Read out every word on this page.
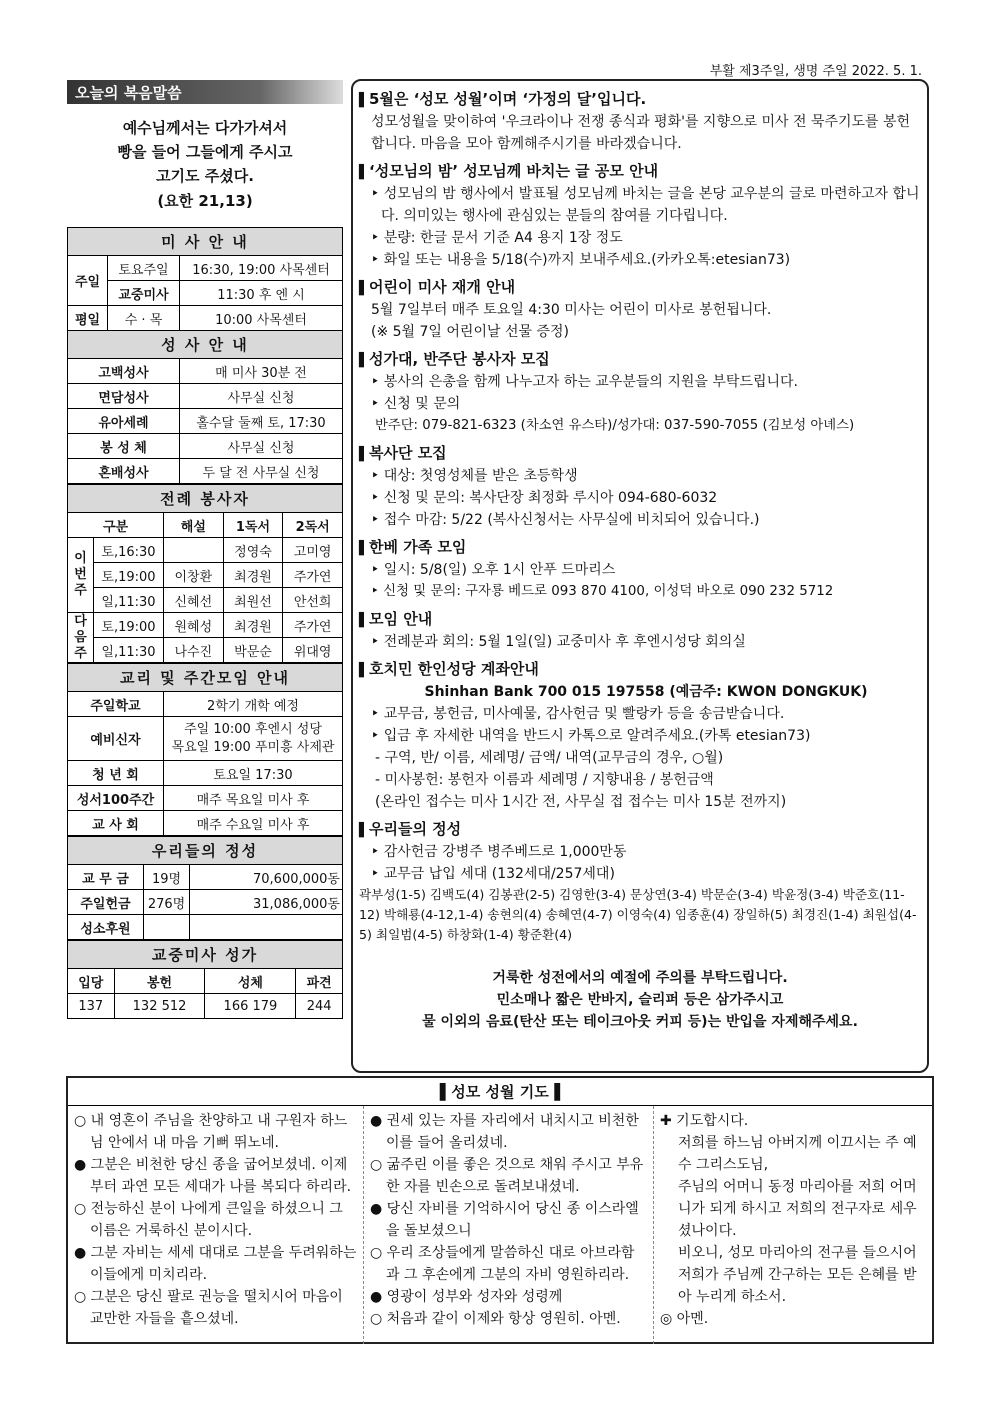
부활 제3주일, 생명 주일 2022. 5. 1.
오늘의 복음말씀
예수님께서는 다가가셔서
빵을 들어 그들에게 주시고
고기도 주셨다.
(요한 21,13)
미 사 안 내		
주일	토요주일	16:30, 19:00 사목센터
	교중미사	11:30 후 엔 시
평일	수 · 목	10:00 사목센터
성 사 안 내		
고백성사		매 미사 30분 전
면담성사		사무실 신청
유아세례		홀수달 둘째 토, 17:30
봉 성 체		사무실 신청
혼배성사		두 달 전 사무실 신청
전례 봉사자				
구분		해설	1독서	2독서
이번주	토,16:30		정영숙	고미영
	토,19:00	이창환	최경원	주가연
	일,11:30	신혜선	최원선	안선희
다음주	토,19:00	원혜성	최경원	주가연
	일,11:30	나수진	박문순	위대영
교리 및 주간모임 안내	
주일학교	2학기 개학 예정
예비신자	주일 10:00 후엔시 성당
목요일 19:00 푸미흥 사제관

청 년 회	토요일 17:30
성서100주간	매주 목요일 미사 후
교 사 회	매주 수요일 미사 후
우리들의 정성		
교 무 금	19명	70,600,000동
주일헌금	276명	31,086,000동
성소후원		
교중미사 성가			
입당	봉헌	성체	파견
137	132 512	166 179	244
▌ 5월은 ‘성모 성월’이며 ‘가정의 달’입니다.
성모성월을 맞이하여 '우크라이나 전쟁 종식과 평화'를 지향으로 미사 전 묵주기도를 봉헌합니다. 마음을 모아 함께해주시기를 바라겠습니다.
▌ ‘성모님의 밤’ 성모님께 바치는 글 공모 안내
‣ 성모님의 밤 행사에서 발표될 성모님께 바치는 글을 본당 교우분의 글로 마련하고자 합니다. 의미있는 행사에 관심있는 분들의 참여를 기다립니다.
‣ 분량: 한글 문서 기준 A4 용지 1장 정도
‣ 화일 또는 내용을 5/18(수)까지 보내주세요.(카카오톡:etesian73)
▌ 어린이 미사 재개 안내
5월 7일부터 매주 토요일 4:30 미사는 어린이 미사로 봉헌됩니다.
(※ 5월 7일 어린이날 선물 증정)
▌ 성가대, 반주단 봉사자 모집
‣ 봉사의 은총을 함께 나누고자 하는 교우분들의 지원을 부탁드립니다.
‣ 신청 및 문의
반주단: 079-821-6323 (차소연 유스타)/성가대: 037-590-7055 (김보성 아녜스)
▌ 복사단 모집
‣ 대상: 첫영성체를 받은 초등학생
‣ 신청 및 문의: 복사단장 최정화 루시아 094-680-6032
‣ 접수 마감: 5/22 (복사신청서는 사무실에 비치되어 있습니다.)
▌ 한베 가족 모임
‣ 일시: 5/8(일) 오후 1시 안푸 드마리스
‣ 신청 및 문의: 구자룡 베드로 093 870 4100, 이성덕 바오로 090 232 5712
▌ 모임 안내
‣ 전례분과 회의: 5월 1일(일) 교중미사 후 후엔시성당 회의실
▌ 호치민 한인성당 계좌안내
Shinhan Bank 700 015 197558 (예금주: KWON DONGKUK)
‣ 교무금, 봉헌금, 미사예물, 감사헌금 및 빨랑카 등을 송금받습니다.
‣ 입금 후 자세한 내역을 반드시 카톡으로 알려주세요.(카톡 etesian73)
- 구역, 반/ 이름, 세례명/ 금액/ 내역(교무금의 경우, ○월)
- 미사봉헌: 봉헌자 이름과 세례명 / 지향내용 / 봉헌금액
(온라인 접수는 미사 1시간 전, 사무실 접 접수는 미사 15분 전까지)
▌ 우리들의 정성
‣ 감사헌금 강병주 병주베드로 1,000만동
‣ 교무금 납입 세대 (132세대/257세대)
곽부성(1-5) 김백도(4) 김봉관(2-5) 김영한(3-4) 문상연(3-4) 박문순(3-4) 박윤정(3-4) 박준호(11-12) 박해룡(4-12,1-4) 송현의(4) 송혜연(4-7) 이영숙(4) 임종훈(4) 장일하(5) 최경진(1-4) 최원섭(4-5) 최일범(4-5) 하창화(1-4) 황준환(4)
거룩한 성전에서의 예절에 주의를 부탁드립니다.
민소매나 짧은 반바지, 슬리퍼 등은 삼가주시고
물 이외의 음료(탄산 또는 테이크아웃 커피 등)는 반입을 자제해주세요.
▌성모 성월 기도▐
○ 내 영혼이 주님을 찬양하고 내 구원자 하느님 안에서 내 마음 기뻐 뛰노네.
● 그분은 비천한 당신 종을 굽어보셨네. 이제부터 과연 모든 세대가 나를 복되다 하리라.
○ 전능하신 분이 나에게 큰일을 하셨으니 그 이름은 거룩하신 분이시다.
● 그분 자비는 세세 대대로 그분을 두려워하는 이들에게 미치리라.
○ 그분은 당신 팔로 권능을 떨치시어 마음이 교만한 자들을 흩으셨네.
● 권세 있는 자를 자리에서 내치시고 비천한 이를 들어 올리셨네.
○ 굶주린 이를 좋은 것으로 채워 주시고 부유한 자를 빈손으로 돌려보내셨네.
● 당신 자비를 기억하시어 당신 종 이스라엘을 돌보셨으니
○ 우리 조상들에게 말씀하신 대로 아브라함과 그 후손에게 그분의 자비 영원하리라.
● 영광이 성부와 성자와 성령께
○ 처음과 같이 이제와 항상 영원히. 아멘.
✚ 기도합시다.
저희를 하느님 아버지께 이끄시는 주 예수 그리스도님,
주님의 어머니 동정 마리아를 저희 어머니가 되게 하시고 저희의 전구자로 세우셨나이다.
비오니, 성모 마리아의 전구를 들으시어 저희가 주님께 간구하는 모든 은혜를 받아 누리게 하소서.
◎ 아멘.
